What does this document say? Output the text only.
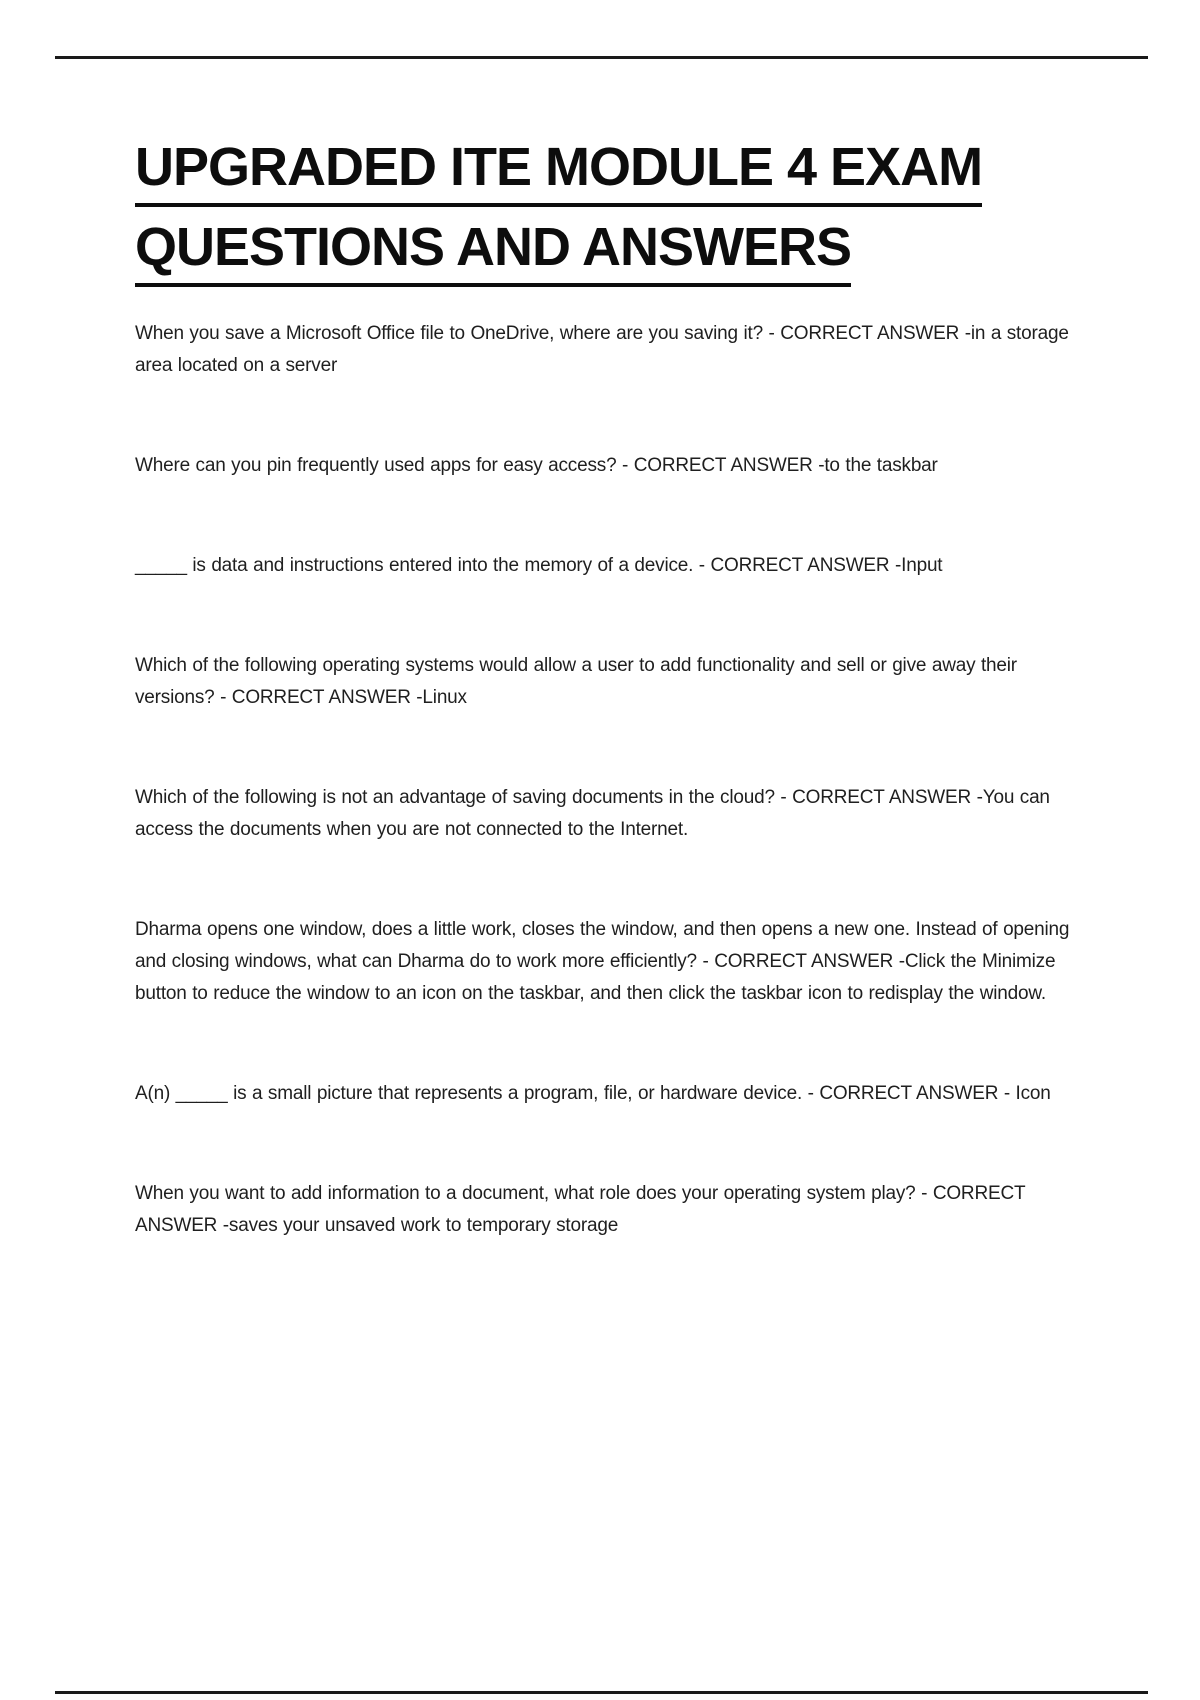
UPGRADED ITE MODULE 4 EXAM
QUESTIONS AND ANSWERS

When you save a Microsoft Office file to OneDrive, where are you saving it? - CORRECT ANSWER -in a storage area located on a server

Where can you pin frequently used apps for easy access? - CORRECT ANSWER -to the taskbar

_____ is data and instructions entered into the memory of a device. - CORRECT ANSWER -Input

Which of the following operating systems would allow a user to add functionality and sell or give away their versions? - CORRECT ANSWER -Linux

Which of the following is not an advantage of saving documents in the cloud? - CORRECT ANSWER -You can access the documents when you are not connected to the Internet.

Dharma opens one window, does a little work, closes the window, and then opens a new one. Instead of opening and closing windows, what can Dharma do to work more efficiently? - CORRECT ANSWER -Click the Minimize button to reduce the window to an icon on the taskbar, and then click the taskbar icon to redisplay the window.

A(n) _____ is a small picture that represents a program, file, or hardware device. - CORRECT ANSWER - Icon

When you want to add information to a document, what role does your operating system play? - CORRECT ANSWER -saves your unsaved work to temporary storage
